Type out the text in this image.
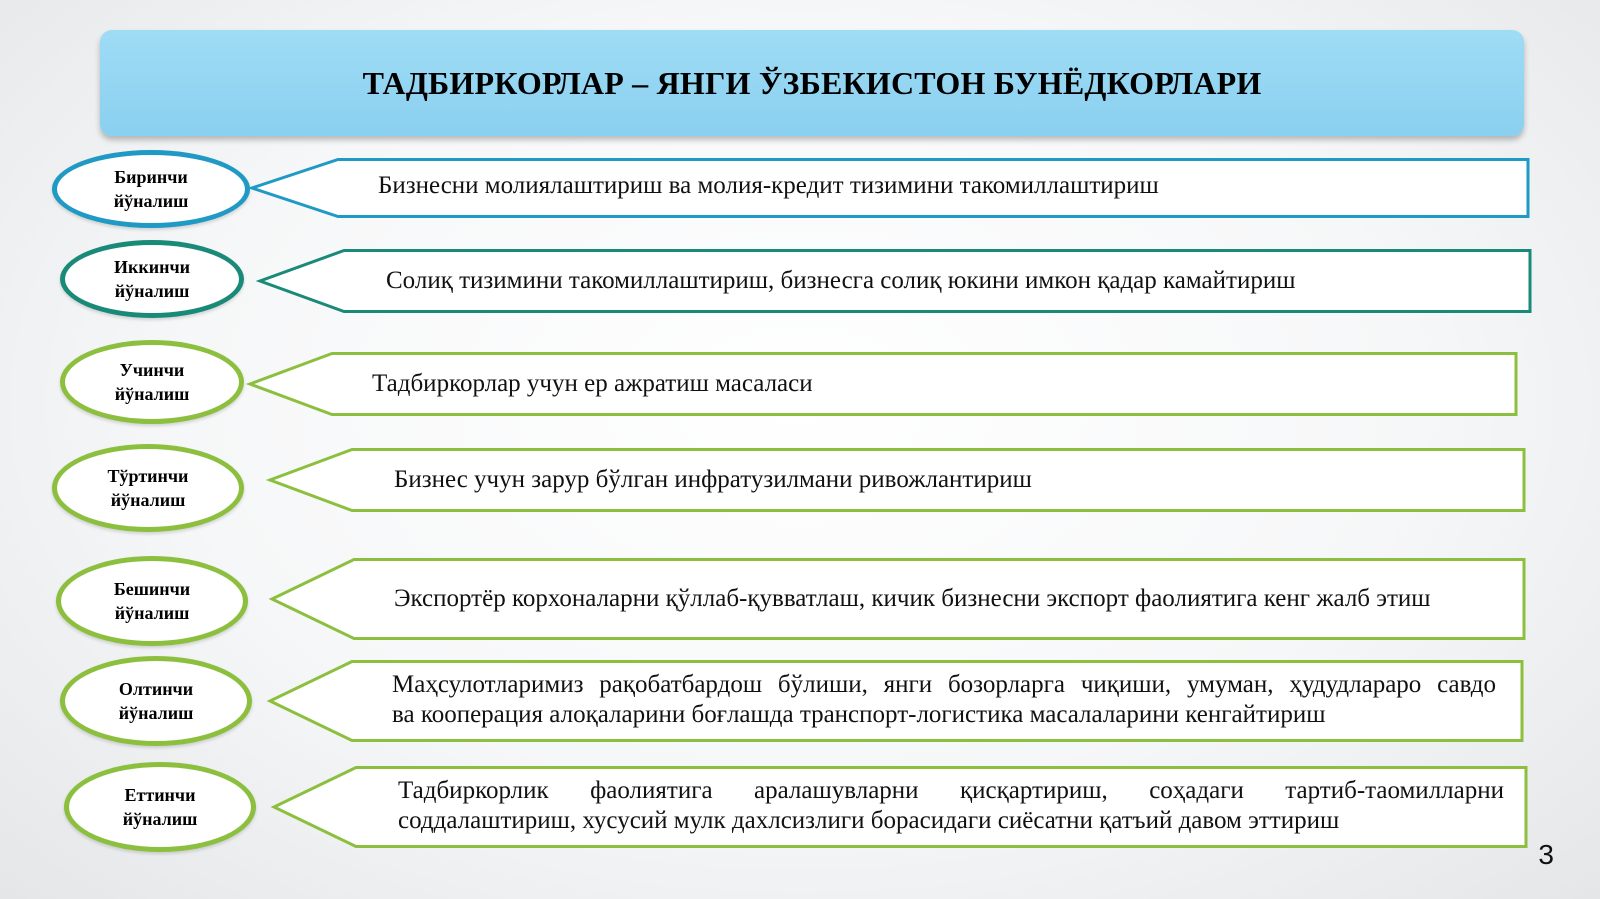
ТАДБИРКОРЛАР – ЯНГИ ЎЗБЕКИСТОН БУНЁДКОРЛАРИ
Биринчи
йўналиш
Бизнесни молиялаштириш ва молия-кредит тизимини такомиллаштириш
Иккинчи
йўналиш	Солиқ тизимини такомиллаштириш, бизнесга солиқ юкини имкон қадар камайтириш
Учинчи
йўналиш	Тадбиркорлар учун ер ажратиш масаласи
Тўртинчи
йўналиш
Бизнес учун зарур бўлган инфратузилмани ривожлантириш
Бешинчи
йўналиш
Экспортёр корхоналарни қўллаб-қувватлаш, кичик бизнесни экспорт фаолиятига кенг жалб этиш
Олтинчи
йўналиш
Маҳсулотларимиз рақобатбардош бўлиши, янги бозорларга чиқиши, умуман, ҳудудлараро савдо
ва кооперация алоқаларини боғлашда транспорт-логистика масалаларини кенгайтириш
Еттинчи
йўналиш
Тадбиркорлик фаолиятига аралашувларни қисқартириш, соҳадаги тартиб-таомилларни
соддалаштириш, хусусий мулк дахлсизлиги борасидаги сиёсатни қатъий давом эттириш
3
